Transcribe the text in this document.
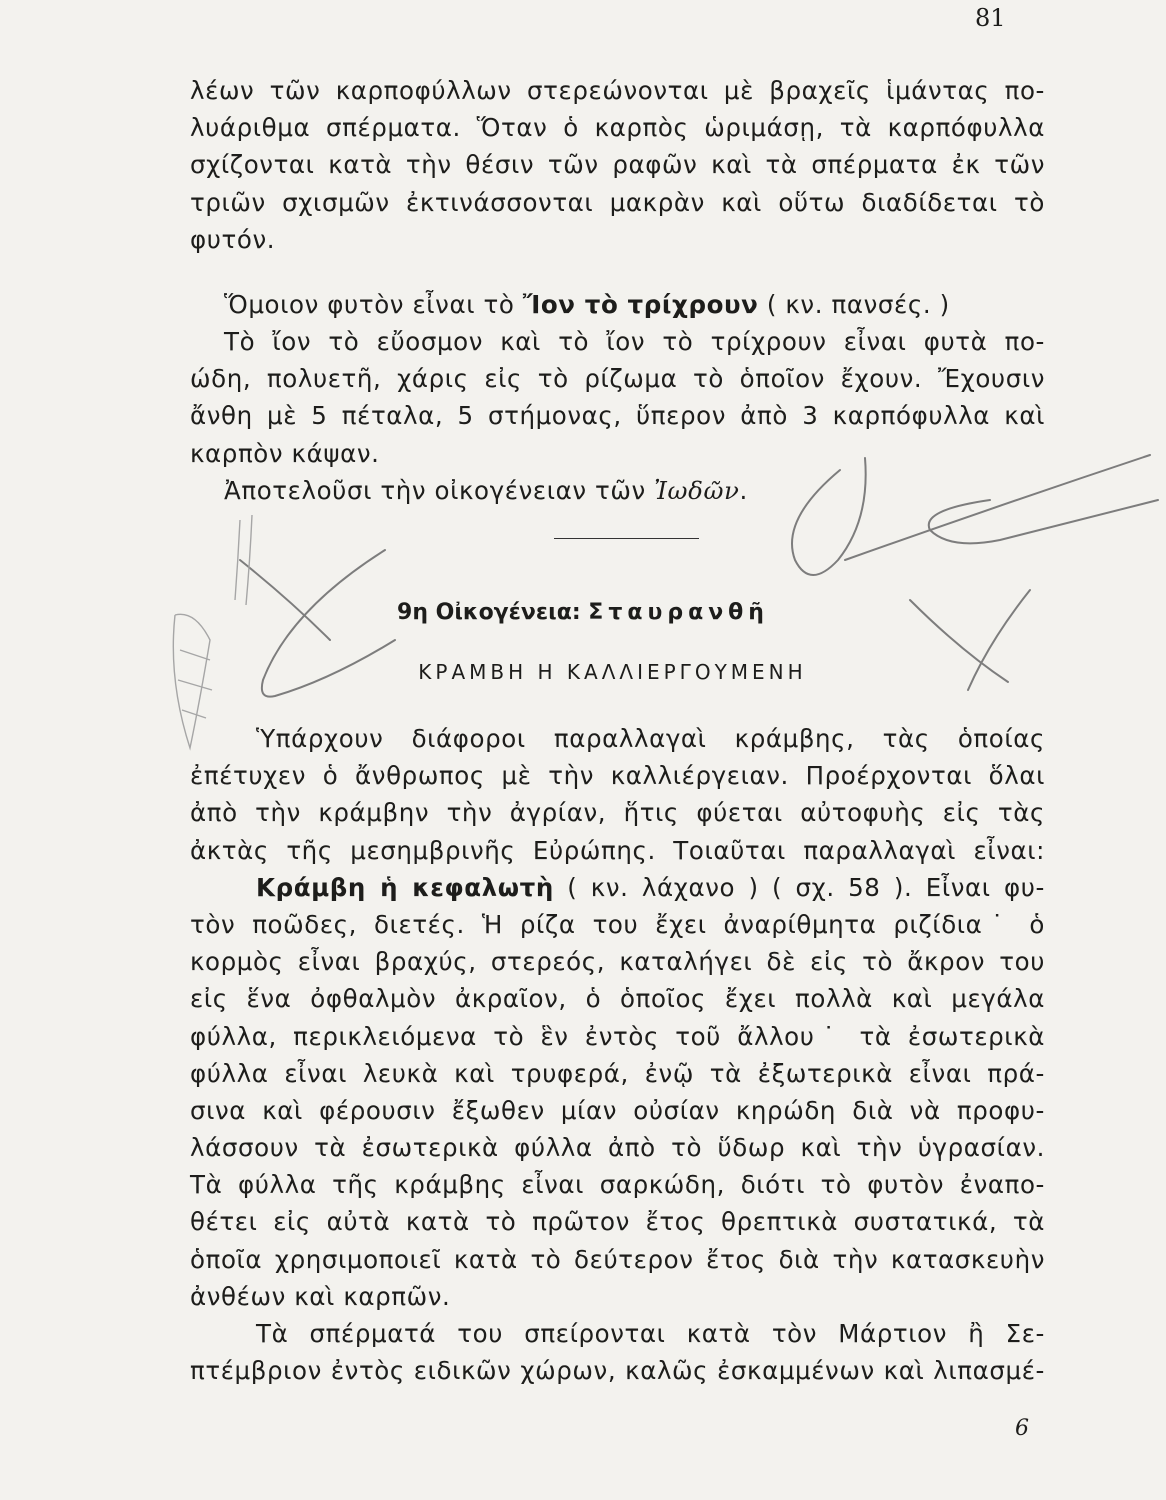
81
λέων τῶν καρποφύλλων στερεώνονται μὲ βραχεῖς ἱμάντας πο-
λυάριθμα σπέρματα. Ὅταν ὁ καρπὸς ὡριμάσῃ, τὰ καρπόφυλλα
σχίζονται κατὰ τὴν θέσιν τῶν ραφῶν καὶ τὰ σπέρματα ἐκ τῶν
τριῶν σχισμῶν ἐκτινάσσονται μακρὰν καὶ οὕτω διαδίδεται τὸ
φυτόν.
Ὅμοιον φυτὸν εἶναι τὸ Ἴον τὸ τρίχρουν ( κν. πανσές. )
Τὸ ἴον τὸ εὔοσμον καὶ τὸ ἴον τὸ τρίχρουν εἶναι φυτὰ πο-
ώδη, πολυετῆ, χάρις εἰς τὸ ρίζωμα τὸ ὁποῖον ἔχουν. Ἔχουσιν
ἄνθη μὲ 5 πέταλα, 5 στήμονας, ὕπερον ἀπὸ 3 καρπόφυλλα καὶ
καρπὸν κάψαν.
Ἀποτελοῦσι τὴν οἰκογένειαν τῶν Ἰωδῶν.
9η Οἰκογένεια: Σταυρανθῆ
ΚΡΑΜΒΗ Η ΚΑΛΛΙΕΡΓΟΥΜΕΝΗ
Ὑπάρχουν διάφοροι παραλλαγαὶ κράμβης, τὰς ὁποίας
ἐπέτυχεν ὁ ἄνθρωπος μὲ τὴν καλλιέργειαν. Προέρχονται ὅλαι
ἀπὸ τὴν κράμβην τὴν ἀγρίαν, ἥτις φύεται αὐτοφυὴς εἰς τὰς
ἀκτὰς τῆς μεσημβρινῆς Εὐρώπης. Τοιαῦται παραλλαγαὶ εἶναι:
Κράμβη ἡ κεφαλωτὴ ( κν. λάχανο ) ( σχ. 58 ). Εἶναι φυ-
τὸν ποῶδες, διετές. Ἡ ρίζα του ἔχει ἀναρίθμητα ριζίδια˙ ὁ
κορμὸς εἶναι βραχύς, στερεός, καταλήγει δὲ εἰς τὸ ἄκρον του
εἰς ἕνα ὀφθαλμὸν ἀκραῖον, ὁ ὁποῖος ἔχει πολλὰ καὶ μεγάλα
φύλλα, περικλειόμενα τὸ ἓν ἐντὸς τοῦ ἄλλου˙ τὰ ἐσωτερικὰ
φύλλα εἶναι λευκὰ καὶ τρυφερά, ἐνῷ τὰ ἐξωτερικὰ εἶναι πρά-
σινα καὶ φέρουσιν ἔξωθεν μίαν οὐσίαν κηρώδη διὰ νὰ προφυ-
λάσσουν τὰ ἐσωτερικὰ φύλλα ἀπὸ τὸ ὕδωρ καὶ τὴν ὑγρασίαν.
Τὰ φύλλα τῆς κράμβης εἶναι σαρκώδη, διότι τὸ φυτὸν ἐναπο-
θέτει εἰς αὐτὰ κατὰ τὸ πρῶτον ἔτος θρεπτικὰ συστατικά, τὰ
ὁποῖα χρησιμοποιεῖ κατὰ τὸ δεύτερον ἔτος διὰ τὴν κατασκευὴν
ἀνθέων καὶ καρπῶν.
Τὰ σπέρματά του σπείρονται κατὰ τὸν Μάρτιον ἢ Σε-
πτέμβριον ἐντὸς ειδικῶν χώρων, καλῶς ἐσκαμμένων καὶ λιπασμέ-
6
